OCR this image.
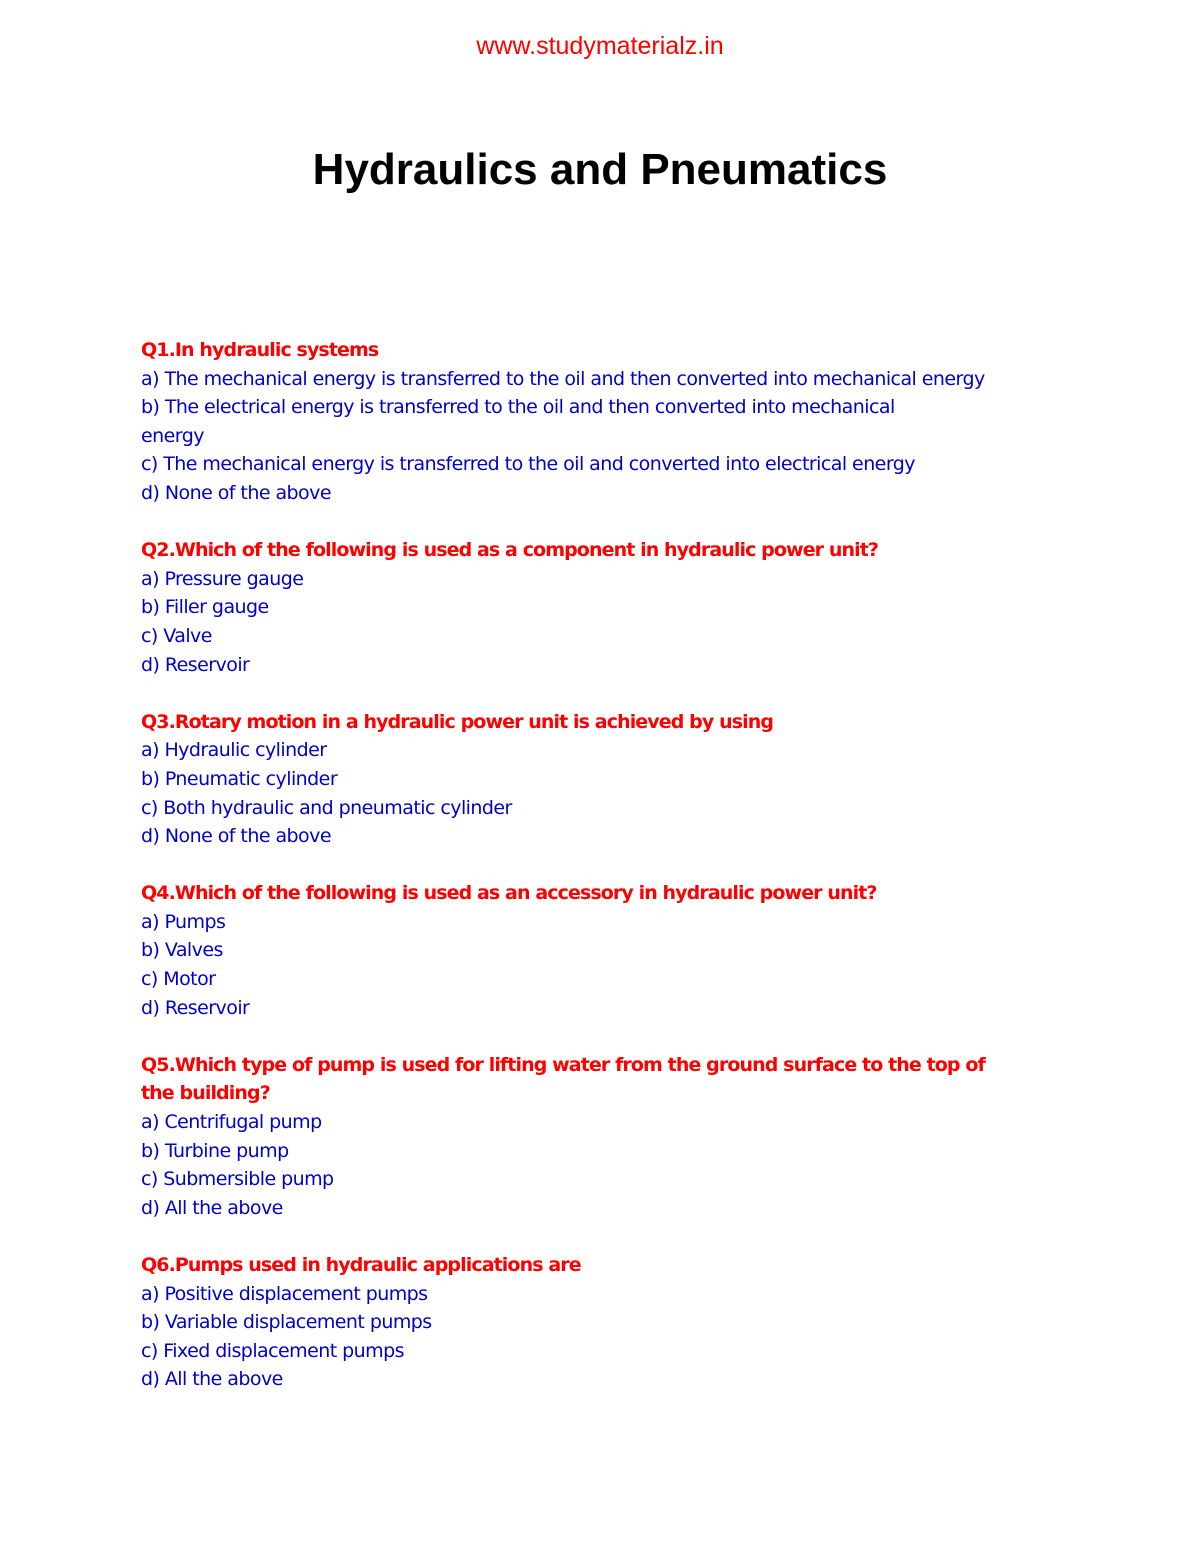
www.studymaterialz.in
Hydraulics and Pneumatics
Q1.In hydraulic systems
a) The mechanical energy is transferred to the oil and then converted into mechanical energy
b) The electrical energy is transferred to the oil and then converted into mechanical energy
c) The mechanical energy is transferred to the oil and converted into electrical energy
d) None of the above
Q2.Which of the following is used as a component in hydraulic power unit?
a) Pressure gauge
b) Filler gauge
c) Valve
d) Reservoir
Q3.Rotary motion in a hydraulic power unit is achieved by using
a) Hydraulic cylinder
b) Pneumatic cylinder
c) Both hydraulic and pneumatic cylinder
d) None of the above
Q4.Which of the following is used as an accessory in hydraulic power unit?
a) Pumps
b) Valves
c) Motor
d) Reservoir
Q5.Which type of pump is used for lifting water from the ground surface to the top of the building?
a) Centrifugal pump
b) Turbine pump
c) Submersible pump
d) All the above
Q6.Pumps used in hydraulic applications are
a) Positive displacement pumps
b) Variable displacement pumps
c) Fixed displacement pumps
d) All the above
